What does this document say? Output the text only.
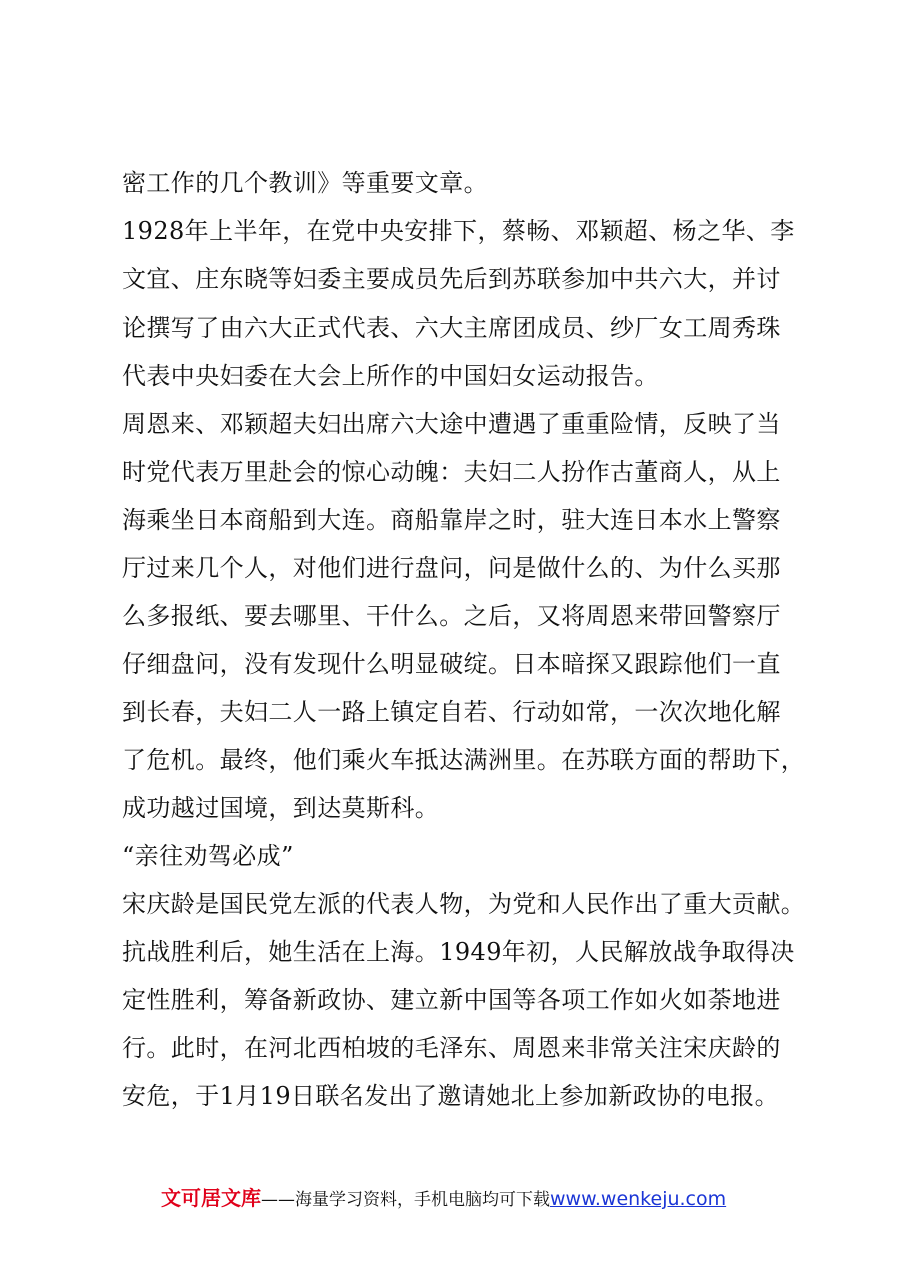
密工作的几个教训》等重要文章。
1928年上半年，在党中央安排下，蔡畅、邓颖超、杨之华、李
文宜、庄东晓等妇委主要成员先后到苏联参加中共六大，并讨
论撰写了由六大正式代表、六大主席团成员、纱厂女工周秀珠
代表中央妇委在大会上所作的中国妇女运动报告。
周恩来、邓颖超夫妇出席六大途中遭遇了重重险情，反映了当
时党代表万里赴会的惊心动魄：夫妇二人扮作古董商人，从上
海乘坐日本商船到大连。商船靠岸之时，驻大连日本水上警察
厅过来几个人，对他们进行盘问，问是做什么的、为什么买那
么多报纸、要去哪里、干什么。之后，又将周恩来带回警察厅
仔细盘问，没有发现什么明显破绽。日本暗探又跟踪他们一直
到长春，夫妇二人一路上镇定自若、行动如常，一次次地化解
了危机。最终，他们乘火车抵达满洲里。在苏联方面的帮助下，
成功越过国境，到达莫斯科。
“亲往劝驾必成”
宋庆龄是国民党左派的代表人物，为党和人民作出了重大贡献。
抗战胜利后，她生活在上海。1949年初，人民解放战争取得决
定性胜利，筹备新政协、建立新中国等各项工作如火如荼地进
行。此时，在河北西柏坡的毛泽东、周恩来非常关注宋庆龄的
安危，于1月19日联名发出了邀请她北上参加新政协的电报。
文可居文库——海量学习资料，手机电脑均可下载www.wenkeju.com
